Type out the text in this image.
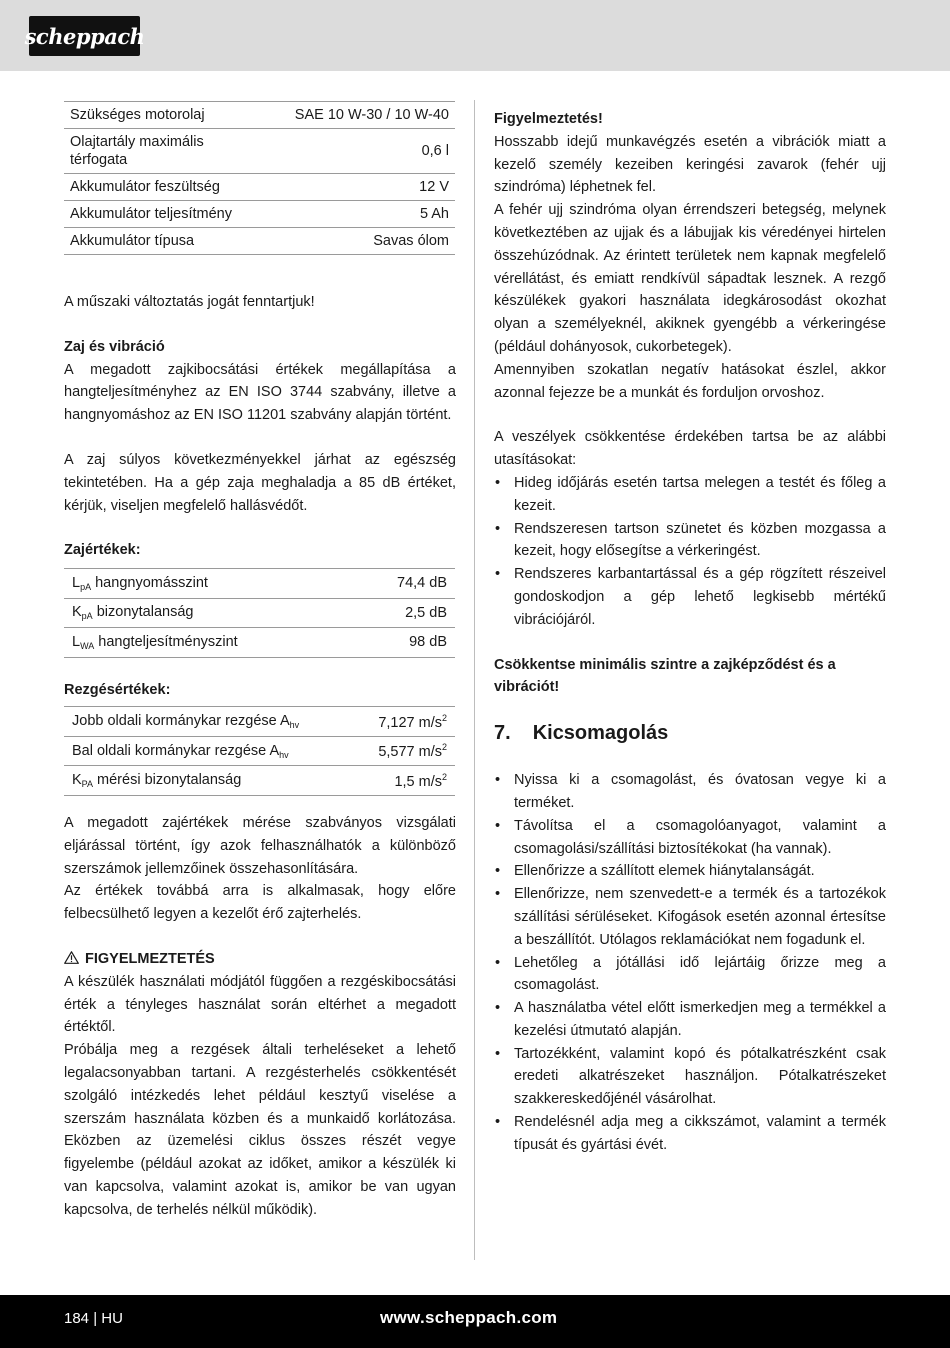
scheppach
Szükséges motorolaj	SAE 10 W-30 / 10 W-40
Olajtartály maximális térfogata	0,6 l
Akkumulátor feszültség	12 V
Akkumulátor teljesítmény	5 Ah
Akkumulátor típusa	Savas ólom

A műszaki változtatás jogát fenntartjuk!

Zaj és vibráció

A megadott zajkibocsátási értékek megállapítása a hangteljesítményhez az EN ISO 3744 szabvány, illetve a hangnyomáshoz az EN ISO 11201 szabvány alapján történt.

A zaj súlyos következményekkel járhat az egészség tekintetében. Ha a gép zaja meghaladja a 85 dB értéket, kérjük, viseljen megfelelő hallásvédőt.

Zajértékek:

$L_{pA}$ hangnyomásszint	74,4 dB
$K_{pA}$ bizonytalanság	2,5 dB
$L_{WA}$ hangteljesítményszint	98 dB

Rezgésértékek:

Jobb oldali kormánykar rezgése $A_{hv}$	7,127 $m/s^2$
Bal oldali kormánykar rezgése $A_{hv}$	5,577 $m/s^2$
$K_{PA}$ mérési bizonytalanság	1,5 $m/s^2$

A megadott zajértékek mérése szabványos vizsgálati eljárással történt, így azok felhasználhatók a különböző szerszámok jellemzőinek összehasonlítására.

Az értékek továbbá arra is alkalmasak, hogy előre felbecsülhető legyen a kezelőt érő zajterhelés.

FIGYELMEZTETÉS

A készülék használati módjától függően a rezgéskibocsátási érték a tényleges használat során eltérhet a megadott értéktől.

Próbálja meg a rezgések általi terheléseket a lehető legalacsonyabban tartani. A rezgésterhelés csökkentését szolgáló intézkedés lehet például kesztyű viselése a szerszám használata közben és a munkaidő korlátozása. Eközben az üzemelési ciklus összes részét vegye figyelembe (például azokat az időket, amikor a készülék ki van kapcsolva, valamint azokat is, amikor be van ugyan kapcsolva, de terhelés nélkül működik).

Figyelmeztetés!

Hosszabb idejű munkavégzés esetén a vibrációk miatt a kezelő személy kezeiben keringési zavarok (fehér ujj szindróma) léphetnek fel.

A fehér ujj szindróma olyan érrendszeri betegség, melynek következtében az ujjak és a lábujjak kis véredényei hirtelen összehúzódnak. Az érintett területek nem kapnak megfelelő vérellátást, és emiatt rendkívül sápadtak lesznek. A rezgő készülékek gyakori használata idegkárosodást okozhat olyan a személyeknél, akiknek gyengébb a vérkeringése (például dohányosok, cukorbetegek).

Amennyiben szokatlan negatív hatásokat észlel, akkor azonnal fejezze be a munkát és forduljon orvoshoz.

A veszélyek csökkentése érdekében tartsa be az alábbi utasításokat:

• Hideg időjárás esetén tartsa melegen a testét és főleg a kezeit.
• Rendszeresen tartson szünetet és közben mozgassa a kezeit, hogy elősegítse a vérkeringést.
• Rendszeres karbantartással és a gép rögzített részeivel gondoskodjon a gép lehető legkisebb mértékű vibrációjáról.

Csökkentse minimális szintre a zajképződést és a vibrációt!

7. Kicsomagolás
• Nyissa ki a csomagolást, és óvatosan vegye ki a terméket.
• Távolítsa el a csomagolóanyagot, valamint a csomagolási/szállítási biztosítékokat (ha vannak).
• Ellenőrizze a szállított elemek hiánytalanságát.
• Ellenőrizze, nem szenvedett-e a termék és a tartozékok szállítási sérüléseket. Kifogások esetén azonnal értesítse a beszállítót. Utólagos reklamációkat nem fogadunk el.
• Lehetőleg a jótállási idő lejártáig őrizze meg a csomagolást.
• A használatba vétel előtt ismerkedjen meg a termékkel a kezelési útmutató alapján.
• Tartozékként, valamint kopó és pótalkatrészként csak eredeti alkatrészeket használjon. Pótalkatrészeket szakkereskedőjénél vásárolhat.
• Rendelésnél adja meg a cikkszámot, valamint a termék típusát és gyártási évét.
184 | HU	www.scheppach.com
